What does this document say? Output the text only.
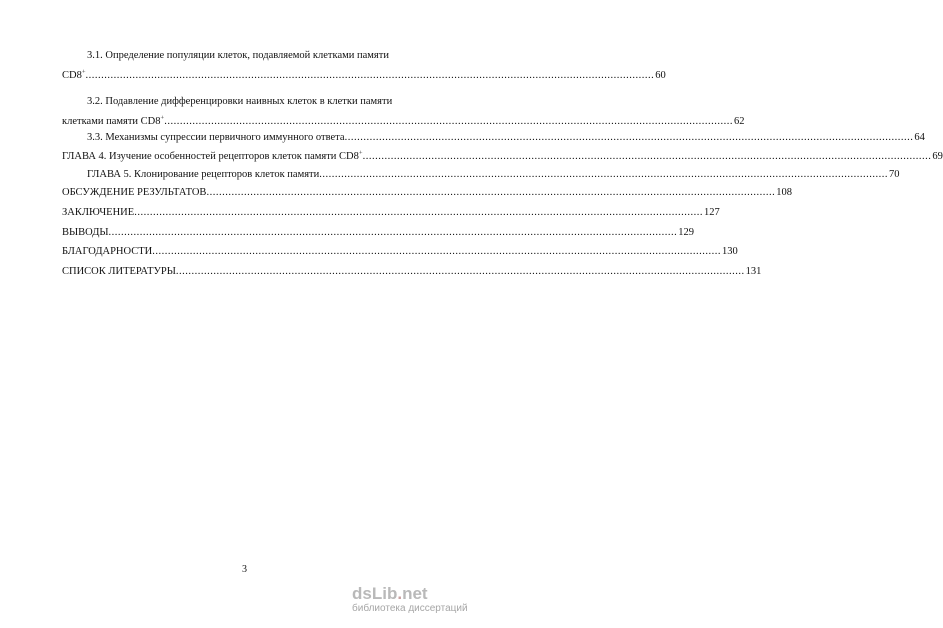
3.1. Определение популяции клеток, подавляемой клетками памяти
CD8+ .....	60
3.2. Подавление дифференцировки наивных клеток в клетки памяти
клетками памяти CD8+ .....	62
3.3. Механизмы супрессии первичного иммунного ответа .....	64
ГЛАВА 4. Изучение особенностей рецепторов клеток памяти CD8+ .....	69
ГЛАВА 5. Клонирование рецепторов клеток памяти .....	70
ОБСУЖДЕНИЕ РЕЗУЛЬТАТОВ .....	108
ЗАКЛЮЧЕНИЕ .....	127
ВЫВОДЫ .....	129
БЛАГОДАРНОСТИ .....	130
СПИСОК ЛИТЕРАТУРЫ .....	131
3
dsLib.net
библиотека диссертаций
